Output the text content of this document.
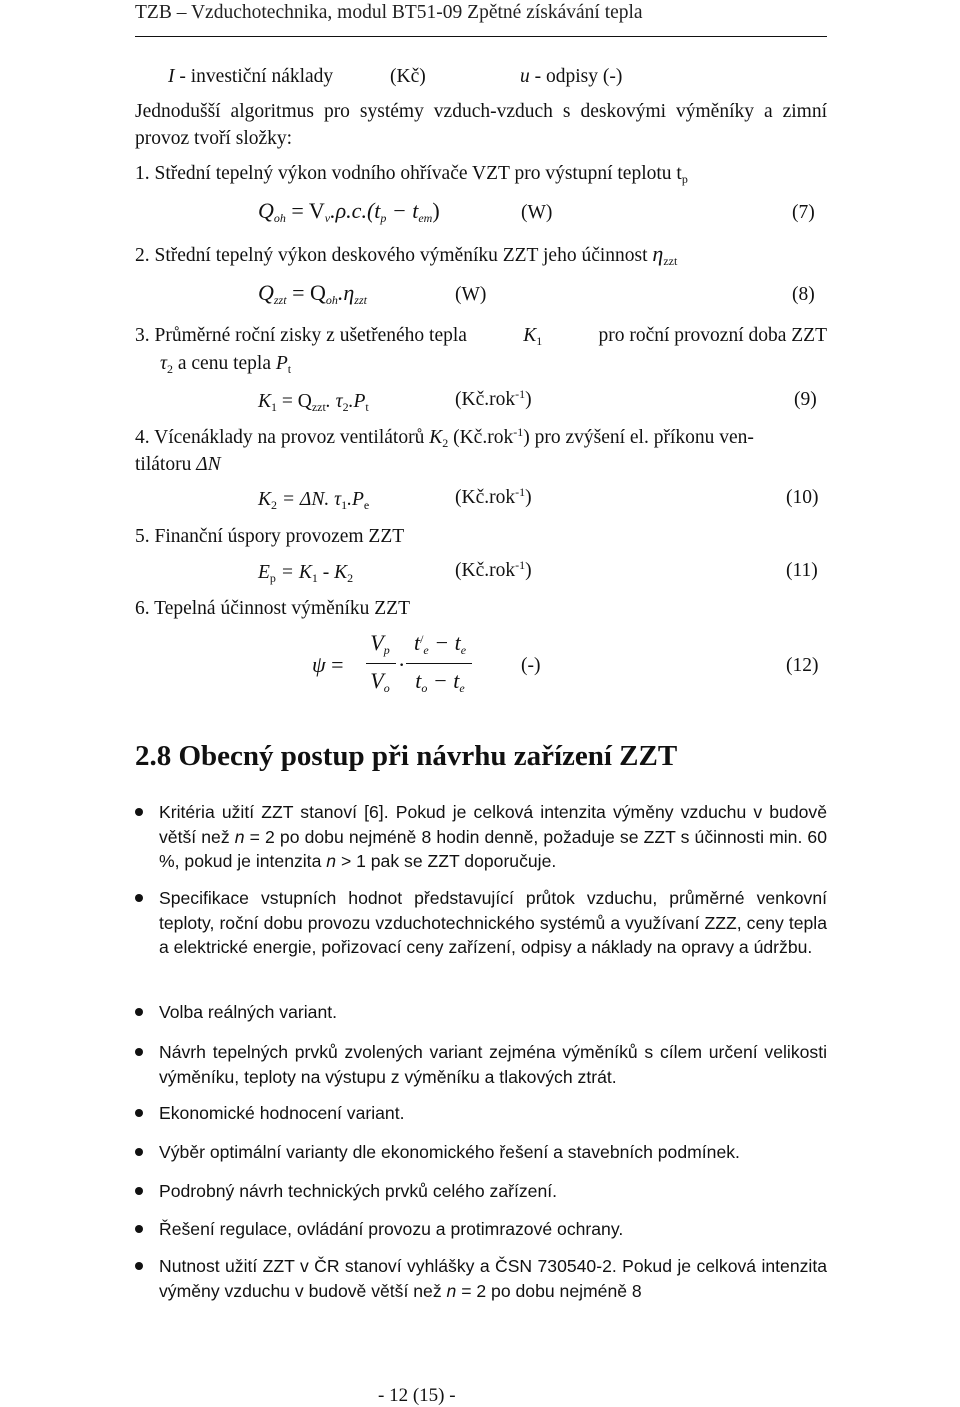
TZB – Vzduchotechnika, modul BT51-09 Zpětné získávání tepla
I - investiční náklady	(Kč)	u - odpisy (-)
Jednodušší algoritmus pro systémy vzduch-vzduch s deskovými výměníky a zimní provoz tvoří složky:
1. Střední tepelný výkon vodního ohřívače VZT pro výstupní teplotu $t_p$
$Q_{oh} = V_v.\rho.c.(t_p - t_{em})$	(W)	(7)
2. Střední tepelný výkon deskového výměníku ZZT jeho účinnost $\eta_{zzt}$
$Q_{zzt} = Q_{oh}.\eta_{zzt}$	(W)	(8)
3. Průměrné roční zisky z ušetřeného tepla	$K_1$	pro roční provozní doba ZZT
$\tau_2$ a cenu tepla $P_t$
$K_1 = Q_{zzt}$. $\tau_2.P_t$	(Kč.rok$^{-1}$)	(9)
4. Vícenáklady na provoz ventilátorů $K_2$ (Kč.rok$^{-1}$) pro zvýšení el. příkonu ven-
tilátoru ΔN
$K_2 = \Delta N$. $\tau_1.P_e$	(Kč.rok$^{-1}$)	(10)
5. Finanční úspory provozem ZZT
$E_p = K_1 - K_2$	(Kč.rok$^{-1}$)	(11)
6. Tepelná účinnost výměníku ZZT
ψ =
$V_p$
$V_o$
·
$t^/_e - t_e$
$t_o - t_e$
(-)	(12)
2.8 Obecný postup při návrhu zařízení ZZT
Kritéria užití ZZT stanoví [6]. Pokud je celková intenzita výměny vzduchu v budově větší než n = 2 po dobu nejméně 8 hodin denně, požaduje se ZZT s účinnosti min. 60 %, pokud je intenzita n > 1 pak se ZZT doporučuje.
Specifikace vstupních hodnot představující průtok vzduchu, průměrné venkovní teploty, roční dobu provozu vzduchotechnického systémů a využívaní ZZZ, ceny tepla a elektrické energie, pořizovací ceny zařízení, odpisy a náklady na opravy a údržbu.
Volba reálných variant.
Návrh tepelných prvků zvolených variant zejména výměníků s cílem určení velikosti výměníku, teploty na výstupu z výměníku a tlakových ztrát.
Ekonomické hodnocení variant.
Výběr optimální varianty dle ekonomického řešení a stavebních podmínek.
Podrobný návrh technických prvků celého zařízení.
Řešení regulace, ovládání provozu a protimrazové ochrany.
Nutnost užití ZZT v ČR stanoví vyhlášky a ČSN 730540-2. Pokud je celková intenzita výměny vzduchu v budově větší než n = 2 po dobu nejméně 8
- 12 (15) -
